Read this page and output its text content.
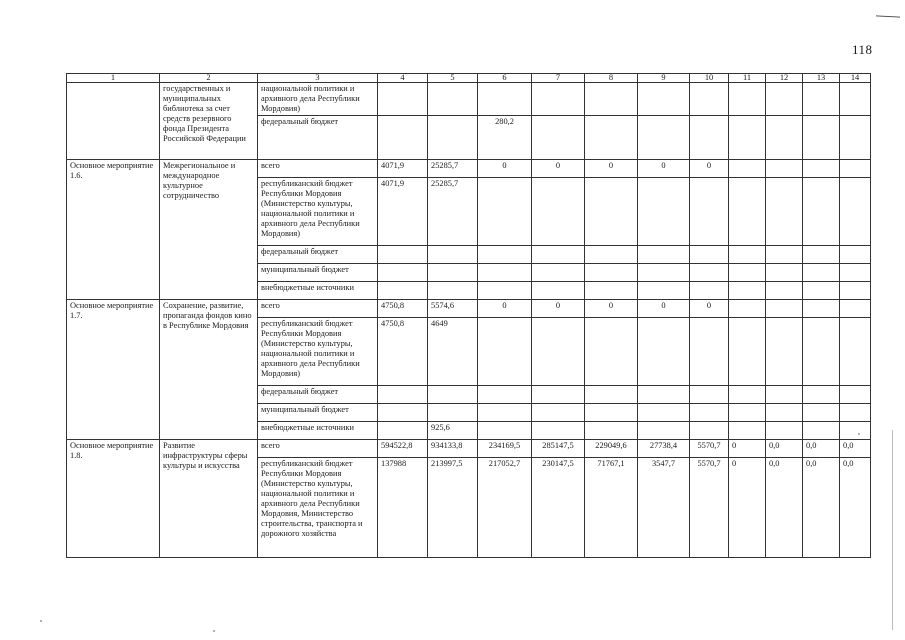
118
1	2	3	4	5	6	7	8	9	10	11	12	13	14
	государственных и муниципальных библиотека за счет средств резервного фонда Президента Российской Федерации	национальной политики и архивного дела Республики Мордовия)											
		федеральный бюджет			280,2								
Основное мероприятие 1.6.	Межрегиональное и международное культурное сотрудничество	всего	4071,9	25285,7	0	0	0	0	0				
		республиканский бюджет Республики Мордовия (Министерство культуры, национальной политики и архивного дела Республики Мордовия)	4071,9	25285,7									
		федеральный бюджет											
		муниципальный бюджет											
		внебюджетные источники											
Основное мероприятие 1.7.	Сохранение, развитие, пропаганда фондов кино в Республике Мордовия	всего	4750,8	5574,6	0	0	0	0	0				
		республиканский бюджет Республики Мордовия (Министерство культуры, национальной политики и архивного дела Республики Мордовия)	4750,8	4649									
		федеральный бюджет											
		муниципальный бюджет											
		внебюджетные источники		925,6									
Основное мероприятие 1.8.	Развитие инфраструктуры сферы культуры и искусства	всего	594522,8	934133,8	234169,5	285147,5	229049,6	27738,4	5570,7	0	0,0	0,0	0,0
		республиканский бюджет Республики Мордовия (Министерство культуры, национальной политики и архивного дела Республики Мордовия, Министерство строительства, транспорта и дорожного хозяйства	137988	213997,5	217052,7	230147,5	71767,1	3547,7	5570,7	0	0,0	0,0	0,0
